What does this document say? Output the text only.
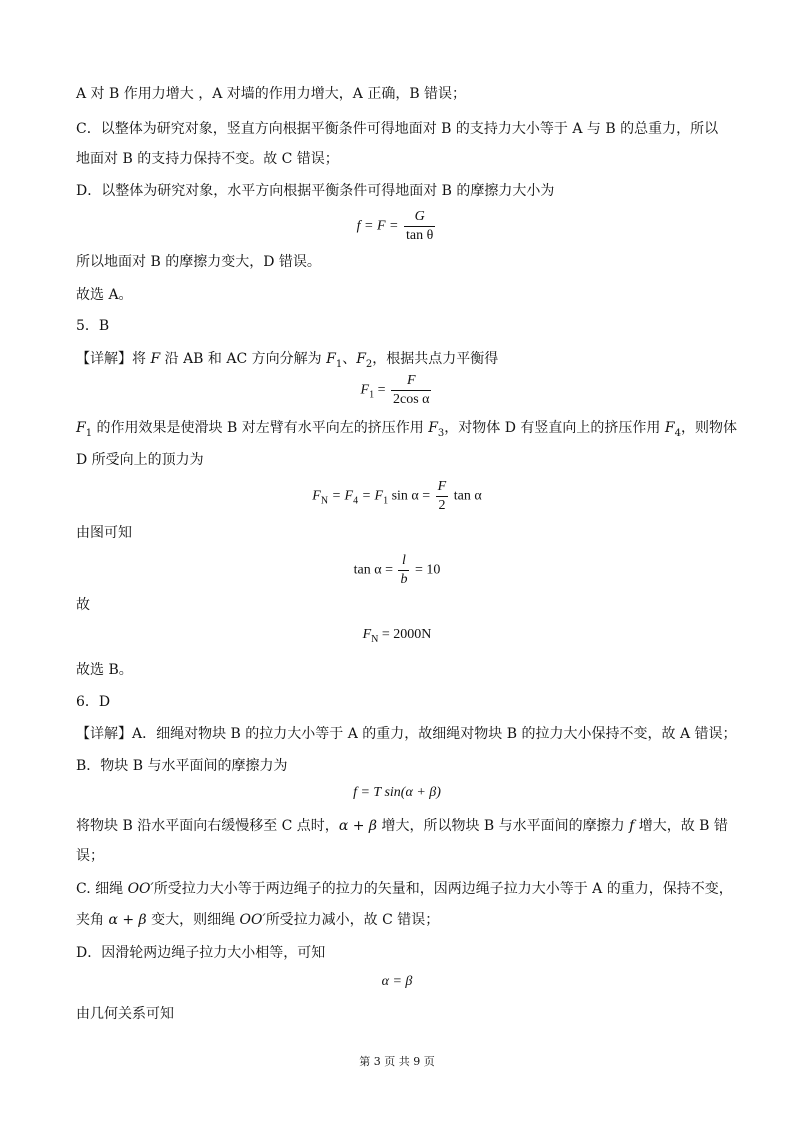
A 对 B 作用力增大 ，A 对墙的作用力增大，A 正确，B 错误；
C．以整体为研究对象，竖直方向根据平衡条件可得地面对 B 的支持力大小等于 A 与 B 的总重力，所以
地面对 B 的支持力保持不变。故 C 错误；
D．以整体为研究对象，水平方向根据平衡条件可得地面对 B 的摩擦力大小为
$f = F = \frac{G}{\text{tan θ}}$
所以地面对 B 的摩擦力变大，D 错误。
故选 A。
5．B
【详解】将 F 沿 AB 和 AC 方向分解为 $F_1$、$F_2$，根据共点力平衡得
$F_1 = \frac{F}{\text{2cos α}}$
$F_1$ 的作用效果是使滑块 B 对左臂有水平向左的挤压作用 $F_3$，对物体 D 有竖直向上的挤压作用 $F_4$，则物体
D 所受向上的顶力为
$F_N = F_4 = F_1$ $\sin \alpha = \frac{F}{2}$ tan α
由图可知
$\tan \alpha = \frac{l}{b} = 10$
故
$F_N = 2000N$
故选 B。
6．D
【详解】A．细绳对物块 B 的拉力大小等于 A 的重力，故细绳对物块 B 的拉力大小保持不变，故 A 错误；
B．物块 B 与水平面间的摩擦力为
f = T sin(α + β)
将物块 B 沿水平面向右缓慢移至 C 点时，α + β 增大，所以物块 B 与水平面间的摩擦力 f 增大，故 B 错
误；
C. 细绳 OO′所受拉力大小等于两边绳子的拉力的矢量和，因两边绳子拉力大小等于 A 的重力，保持不变，
夹角 α + β 变大，则细绳 OO′所受拉力减小，故 C 错误；
D．因滑轮两边绳子拉力大小相等，可知
α = β
由几何关系可知
第 3 页 共 9 页
